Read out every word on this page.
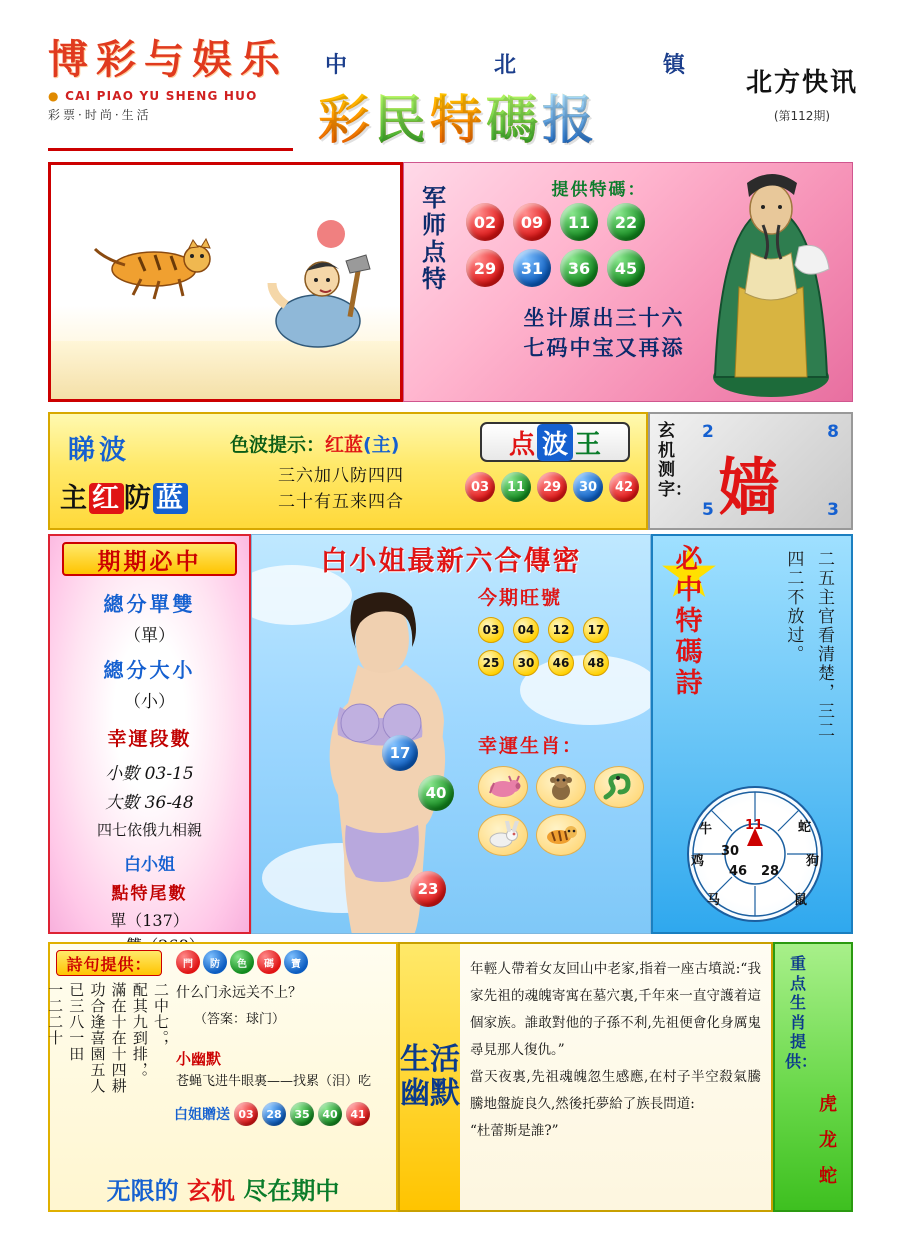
博彩与娱乐
● CAI PIAO YU SHENG HUO
彩票·时尚·生活
中	北	镇
彩民特碼报
北方快讯
(第112期)
军师点特
提供特碼：
02	09	11	22
29	31	36	45
坐计原出三十六
七码中宝又再添
睇波
主 红 防 蓝
色波提示：红蓝(主)	点 波 王
三六加八防四四
二十有五来四合
03	11	29	30	42
玄机测字：
2	8
5	3
嫱
期期必中
總分單雙
（單）
總分大小
（小）
幸運段數
小數 03-15
大數 36-48
四七依俄九相親
白小姐
點特尾數
單（137）
白小姐最新六合傳密
17
40
23
今期旺號
03	04	12	17
25	30	46	48
幸運生肖：
必中特碼詩	二五主官看清楚，三二四二不放过。
牛	蛇
鸡	狗
马	鼠
11
30
46 28
詩句提供：
二中七。，
配其九到排，。
滿在十在十四耕
功合逢喜園五人
已三八一田
一二二十
門	防	色	碼	寶
什么门永远关不上？
（答案：球门）
小幽默
苍蝇飞进牛眼裏——找累（泪）吃
白姐贈送 03	28	35	40	41
无限的 玄机 尽在期中
生活幽默

年輕人帶着女友回山中老家,指着一座古墳説:“我家先祖的魂魄寄寓在墓穴裏,千年來一直守護着這個家族。誰敢對他的子孫不利,先祖便會化身厲鬼尋見那人復仇。”

當天夜裏,先祖魂魄忽生感應,在村子半空殺氣騰騰地盤旋良久,然後托夢給了族長問道:

“杜蕾斯是誰?”

重点生肖提供：
虎
龙
蛇
